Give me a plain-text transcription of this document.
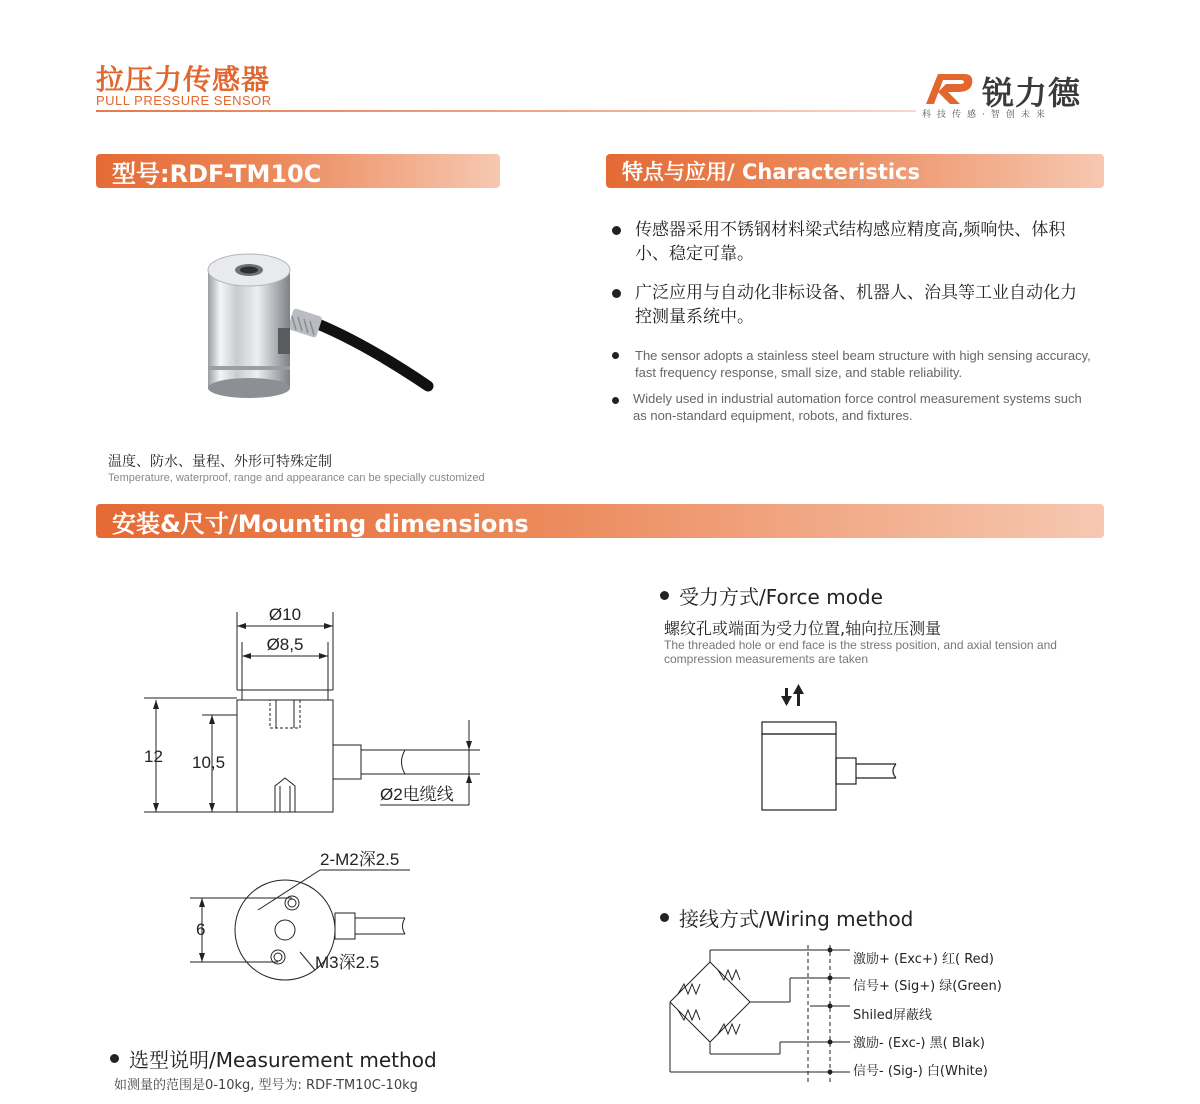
拉压力传感器
PULL PRESSURE SENSOR	锐力德
科技传感·智创未来
型号:RDF-TM10C	特点与应用/ Characteristics
温度、防水、量程、外形可特殊定制
Temperature, waterproof, range and appearance can be specially customized
传感器采用不锈钢材料梁式结构感应精度高,频响快、体积小、稳定可靠。
广泛应用与自动化非标设备、机器人、治具等工业自动化力控测量系统中。
The sensor adopts a stainless steel beam structure with high sensing accuracy, fast frequency response, small size, and stable reliability.
Widely used in industrial automation force control measurement systems such as non-standard equipment, robots, and fixtures.
安装&尺寸/Mounting dimensions
Ø10
Ø8,5
12 10,5
Ø2电缆线
2-M2深2.5
M3深2.5
6
受力方式/Force mode
螺纹孔或端面为受力位置,轴向拉压测量
The threaded hole or end face is the stress position, and axial tension and compression measurements are taken
接线方式/Wiring method
激励+ (Exc+) 红( Red)
信号+ (Sig+) 绿(Green)
Shiled屏蔽线
激励- (Exc-) 黑( Blak)
信号- (Sig-) 白(White)
选型说明/Measurement method
如测量的范围是0-10kg, 型号为: RDF-TM10C-10kg
